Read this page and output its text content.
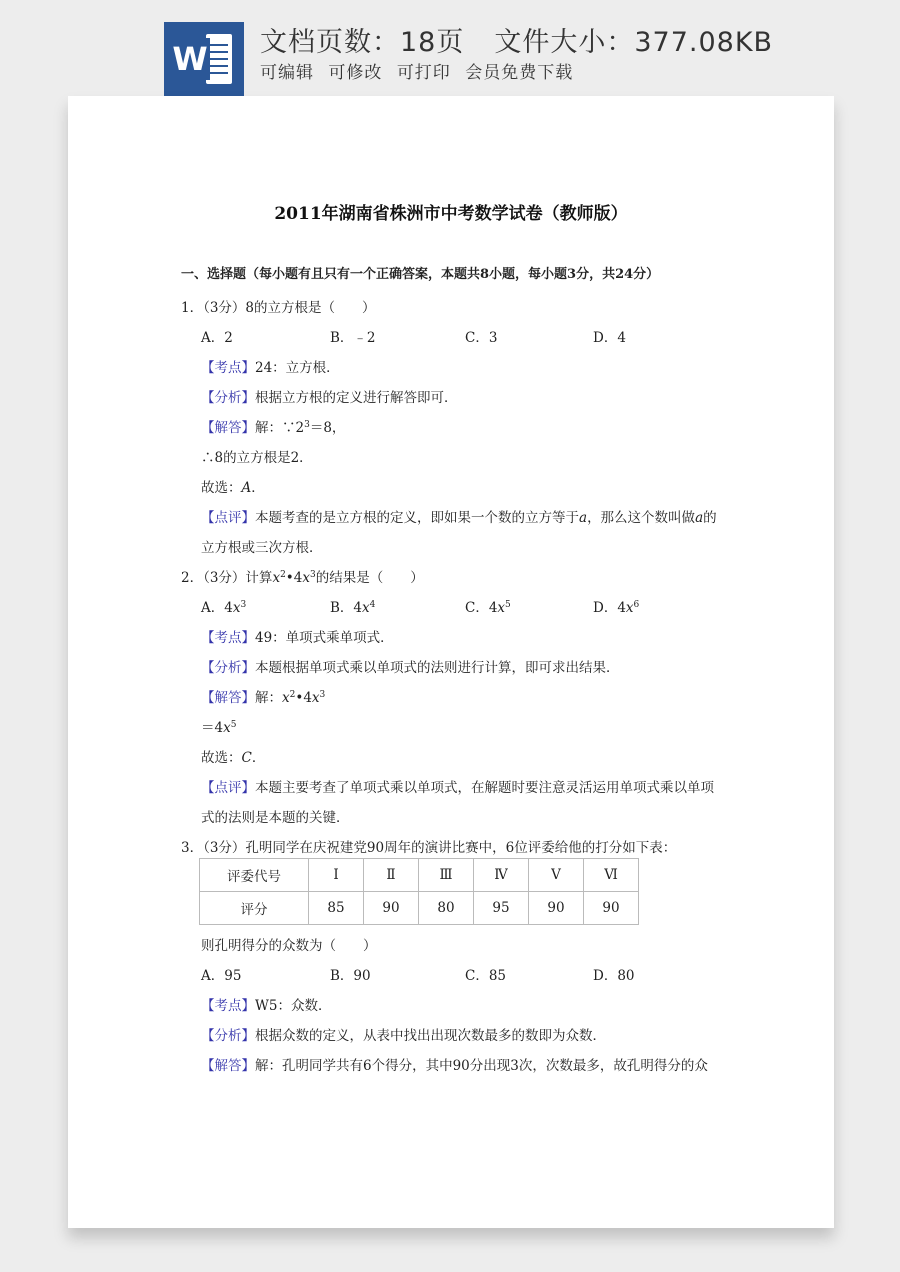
W 文档页数：18页 文件大小：377.08KB
可编辑 可修改 可打印 会员免费下载
2011年湖南省株洲市中考数学试卷（教师版）
一、选择题（每小题有且只有一个正确答案，本题共8小题，每小题3分，共24分）
1．（3分）8的立方根是（　　）
A．2	B．﹣2	C．3	D．4
【考点】24：立方根．
【分析】根据立方根的定义进行解答即可．
【解答】解：$\because 2^3=8$，
∴8的立方根是2．
故选：A．
【点评】本题考查的是立方根的定义，即如果一个数的立方等于a，那么这个数叫做a的
立方根或三次方根．
2．（3分）计算$x^2•4x^3$的结果是（　　）
A．$4x^3$	B．$4x^4$	C．$4x^5$	D．$4x^6$
【考点】49：单项式乘单项式．
【分析】本题根据单项式乘以单项式的法则进行计算，即可求出结果．
【解答】解：$x^2•4x^3$
$=4x^5$
故选：C．
【点评】本题主要考查了单项式乘以单项式，在解题时要注意灵活运用单项式乘以单项
式的法则是本题的关键．
3．（3分）孔明同学在庆祝建党90周年的演讲比赛中，6位评委给他的打分如下表：
评委代号	Ⅰ	Ⅱ	Ⅲ	Ⅳ	Ⅴ	Ⅵ
评分	85	90	80	95	90	90
则孔明得分的众数为（　　）
A．95	B．90	C．85	D．80
【考点】W5：众数．
【分析】根据众数的定义，从表中找出出现次数最多的数即为众数．
【解答】解：孔明同学共有6个得分，其中90分出现3次，次数最多，故孔明得分的众
